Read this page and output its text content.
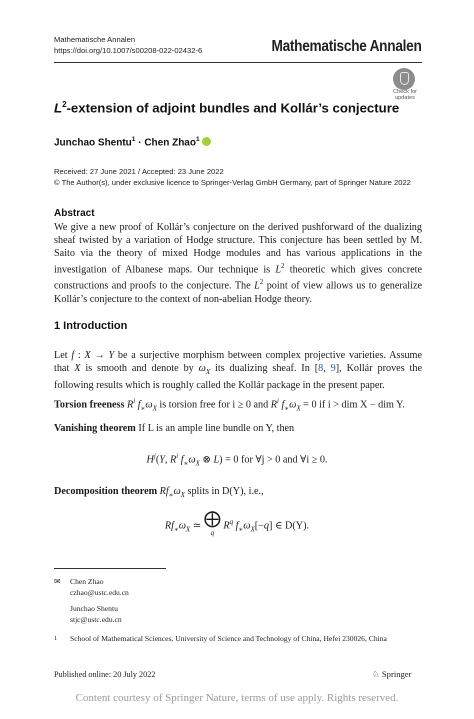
Mathematische Annalen
https://doi.org/10.1007/s00208-022-02432-6	Mathematische Annalen
Check for updates
$L^2$-extension of adjoint bundles and Kollár’s conjecture
Junchao Shentu$^1$ · Chen Zhao$^1$
Received: 27 June 2021 / Accepted: 23 June 2022
© The Author(s), under exclusive licence to Springer-Verlag GmbH Germany, part of Springer Nature 2022
Abstract
We give a new proof of Kollár’s conjecture on the derived pushforward of the dualizing sheaf twisted by a variation of Hodge structure. This conjecture has been settled by M. Saito via the theory of mixed Hodge modules and has various applications in the investigation of Albanese maps. Our technique is $L^2$ theoretic which gives concrete constructions and proofs to the conjecture. The $L^2$ point of view allows us to generalize Kollár’s conjecture to the context of non-abelian Hodge theory.
1 Introduction
Let f : X → Y be a surjective morphism between complex projective varieties. Assume that X is smooth and denote by $\omega_X$ its dualizing sheaf. In [8, 9], Kollár proves the following results which is roughly called the Kollár package in the present paper.
Torsion freeness $R^i$ $f_∗\omega_X$ is torsion free for i ≥ 0 and $R^i$ $f_∗\omega_X = 0$ if i > dim X − dim Y.
Vanishing theorem If L is an ample line bundle on Y, then
$H^j(Y$, $R^i$ $f_∗\omega_X$ ⊗ L) = 0 for ∀j > 0 and ∀i ≥ 0.
Decomposition theorem $Rf_∗\omega_X$ splits in D(Y), i.e.,
$Rf_∗\omega_X$ ≃ ⨁
q $R^q$ $f_∗\omega_X[-q]$ ∈ D(Y).
✉ Chen Zhao
czhao@ustc.edu.cn
Junchao Shentu
stjc@ustc.edu.cn
1 School of Mathematical Sciences, University of Science and Technology of China, Hefei 230026, China
Published online: 20 July 2022	♘ Springer
Content courtesy of Springer Nature, terms of use apply. Rights reserved.
